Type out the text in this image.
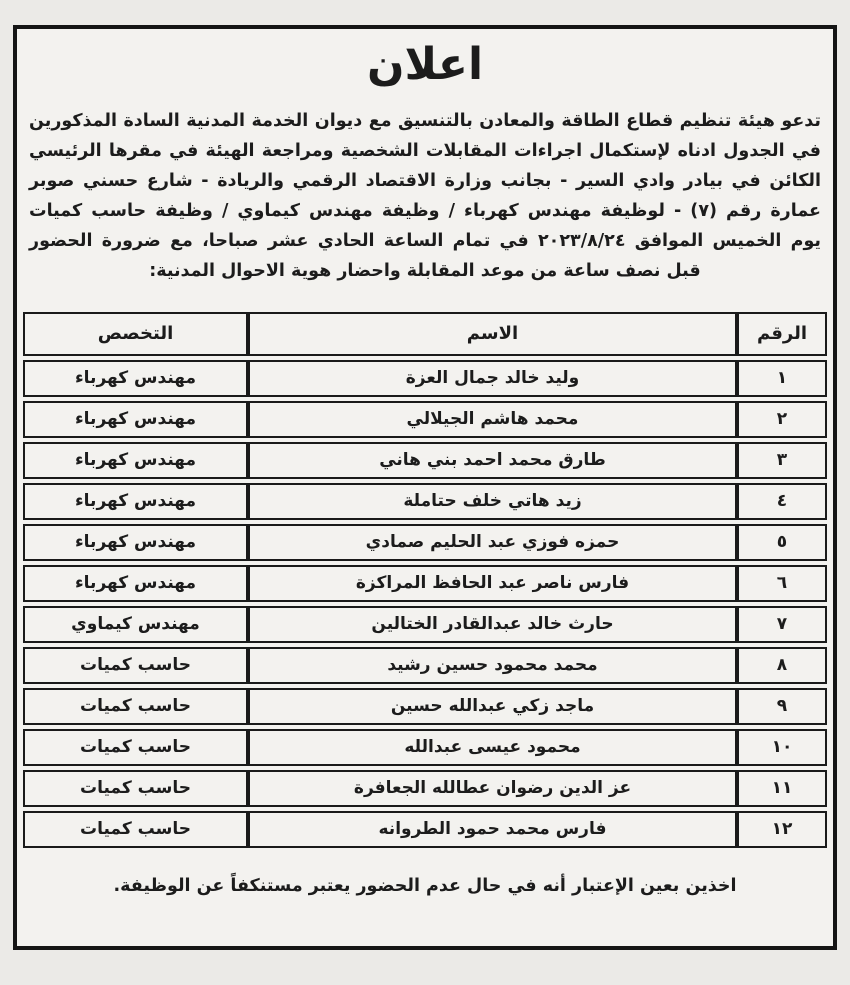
اعلان
تدعو هيئة تنظيم قطاع الطاقة والمعادن بالتنسيق مع ديوان الخدمة المدنية السادة المذكورين
في الجدول ادناه لإستكمال اجراءات المقابلات الشخصية ومراجعة الهيئة في مقرها الرئيسي
الكائن في بيادر وادي السير - بجانب وزارة الاقتصاد الرقمي والريادة - شارع حسني صوبر
عمارة رقم (٧) - لوظيفة مهندس كهرباء / وظيفة مهندس كيماوي / وظيفة حاسب كميات
يوم الخميس الموافق ٢٠٢٣/٨/٢٤ في تمام الساعة الحادي عشر صباحا، مع ضرورة الحضور
قبل نصف ساعة من موعد المقابلة واحضار هوية الاحوال المدنية:
الرقم	الاسم	التخصص
١	وليد خالد جمال العزة	مهندس كهرباء
٢	محمد هاشم الجيلالي	مهندس كهرباء
٣	طارق محمد احمد بني هاني	مهندس كهرباء
٤	زيد هاتي خلف حتاملة	مهندس كهرباء
٥	حمزه فوزي عبد الحليم صمادي	مهندس كهرباء
٦	فارس ناصر عبد الحافظ المراكزة	مهندس كهرباء
٧	حارث خالد عبدالقادر الختالين	مهندس كيماوي
٨	محمد محمود حسين رشيد	حاسب كميات
٩	ماجد زكي عبدالله حسين	حاسب كميات
١٠	محمود عيسى عبدالله	حاسب كميات
١١	عز الدين رضوان عطالله الجعافرة	حاسب كميات
١٢	فارس محمد حمود الطروانه	حاسب كميات
اخذين بعين الإعتبار أنه في حال عدم الحضور يعتبر مستنكفاً عن الوظيفة.
